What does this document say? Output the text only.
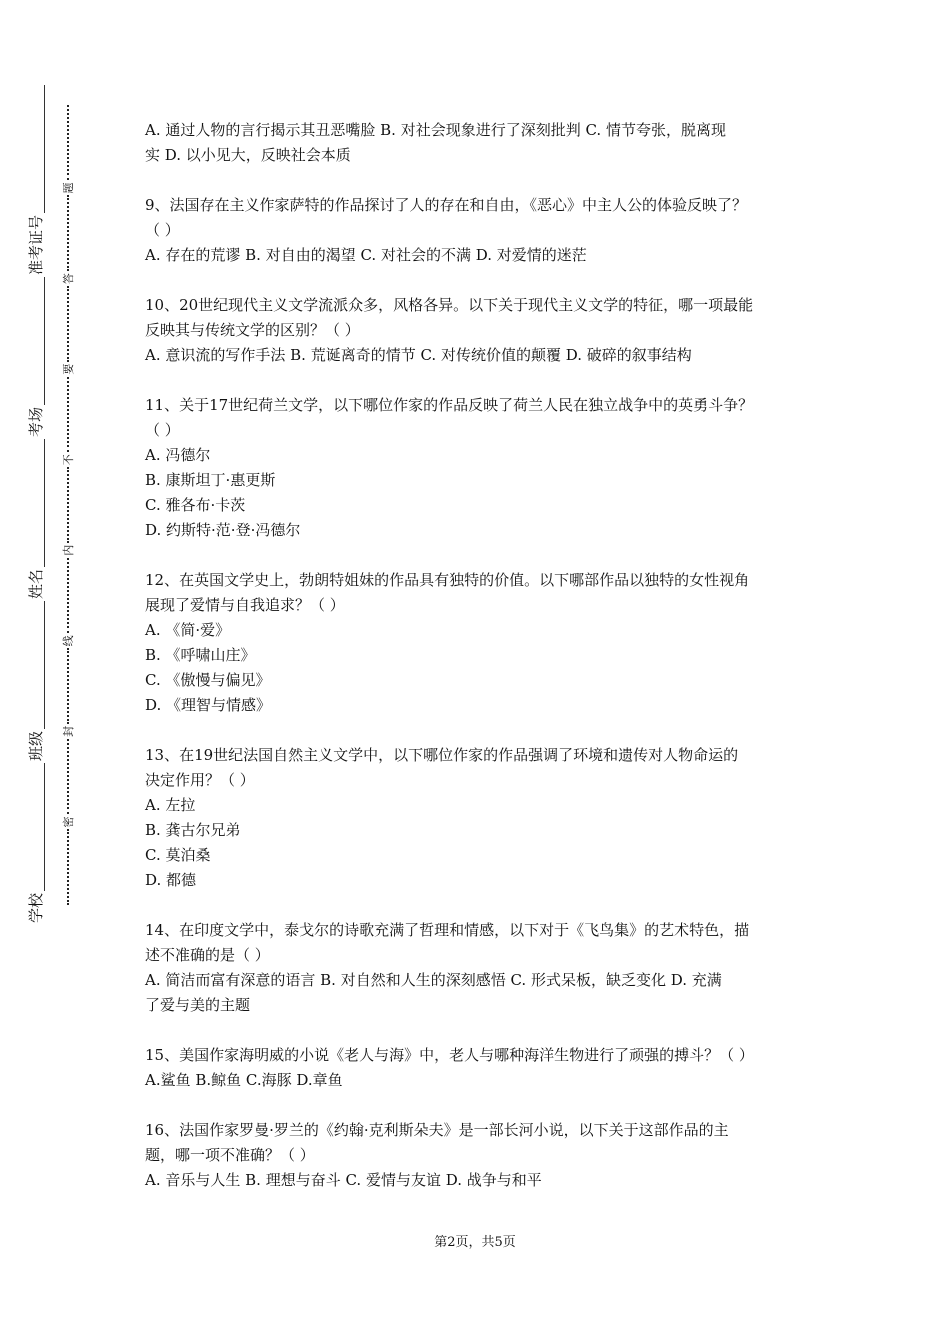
学校
班级
姓名
考场
准考证号
密
封
线
内
不
要
答
题
A. 通过人物的言行揭示其丑恶嘴脸 B. 对社会现象进行了深刻批判 C. 情节夸张，脱离现
实 D. 以小见大，反映社会本质
9、法国存在主义作家萨特的作品探讨了人的存在和自由，《恶心》中主人公的体验反映了？
（ ）
A. 存在的荒谬 B. 对自由的渴望 C. 对社会的不满 D. 对爱情的迷茫
10、20世纪现代主义文学流派众多，风格各异。以下关于现代主义文学的特征，哪一项最能
反映其与传统文学的区别？（ ）
A. 意识流的写作手法 B. 荒诞离奇的情节 C. 对传统价值的颠覆 D. 破碎的叙事结构
11、关于17世纪荷兰文学，以下哪位作家的作品反映了荷兰人民在独立战争中的英勇斗争？
（ ）
A. 冯德尔
B. 康斯坦丁·惠更斯
C. 雅各布·卡茨
D. 约斯特·范·登·冯德尔
12、在英国文学史上，勃朗特姐妹的作品具有独特的价值。以下哪部作品以独特的女性视角
展现了爱情与自我追求？（ ）
A. 《简·爱》
B. 《呼啸山庄》
C. 《傲慢与偏见》
D. 《理智与情感》
13、在19世纪法国自然主义文学中，以下哪位作家的作品强调了环境和遗传对人物命运的
决定作用？（ ）
A. 左拉
B. 龚古尔兄弟
C. 莫泊桑
D. 都德
14、在印度文学中，泰戈尔的诗歌充满了哲理和情感，以下对于《飞鸟集》的艺术特色，描
述不准确的是（ ）
A. 简洁而富有深意的语言 B. 对自然和人生的深刻感悟 C. 形式呆板，缺乏变化 D. 充满
了爱与美的主题
15、美国作家海明威的小说《老人与海》中，老人与哪种海洋生物进行了顽强的搏斗？（ ）
A.鲨鱼 B.鲸鱼 C.海豚 D.章鱼
16、法国作家罗曼·罗兰的《约翰·克利斯朵夫》是一部长河小说，以下关于这部作品的主
题，哪一项不准确？（ ）
A. 音乐与人生 B. 理想与奋斗 C. 爱情与友谊 D. 战争与和平
第2页，共5页
